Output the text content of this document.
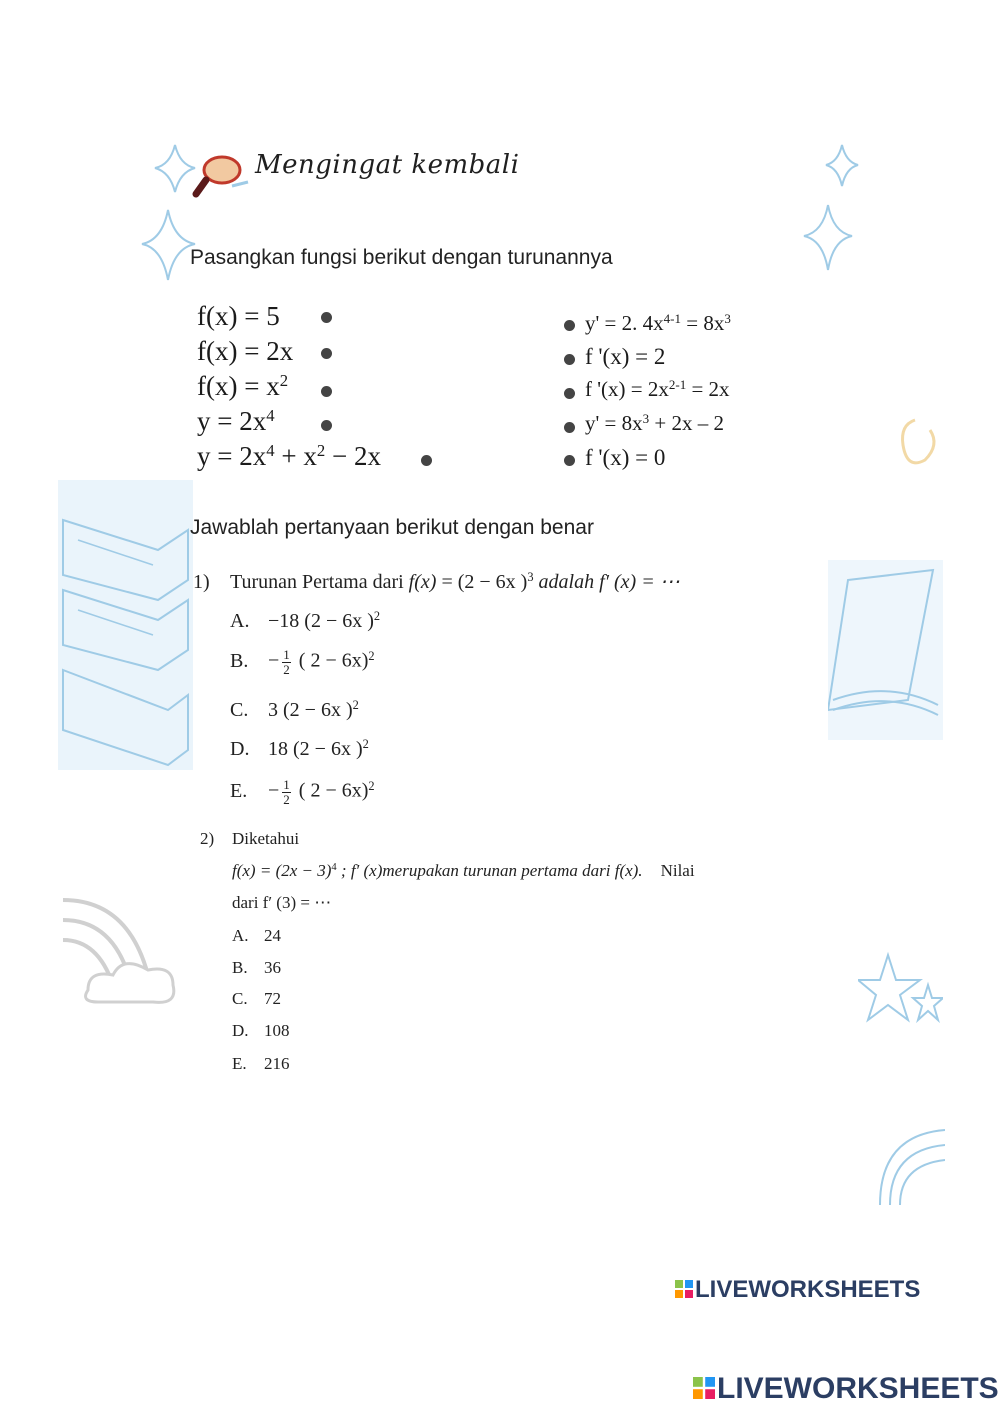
Mengingat kembali
Pasangkan fungsi berikut dengan turunannya
f(x) = 5
f(x) = 2x
$f(x) = x^2$
$y = 2x^4$
$y = 2x^4 + x^2 - 2x$
y' = 2. $4x^{4-1} = 8x^3$
f '(x) = 2
f '$(x) = 2x^{2-1} = 2x$
$y' = 8x^3 + 2x - 2$
f '(x) = 0
Jawablah pertanyaan berikut dengan benar
1) Turunan Pertama dari f(x) = (2 − 6x )$^3$ adalah f′ (x) = ⋯
A. −18 (2 − 6x )$^2$
B. − $\frac{1}{2}$ ( 2 − 6x)$^2$
C. 3 (2 − 6x )$^2$
D. 18 (2 − 6x )$^2$
E. − $\frac{1}{2}$ ( 2 − 6x)$^2$
2) Diketahui
$f(x) = (2x - 3)^4$ ; f′ (x)merupakan turunan pertama dari f(x). Nilai
dari f′ (3) = ⋯
A. 24
B. 36
C. 72
D. 108
E. 216
LIVEWORKSHEETS
LIVEWORKSHEETS
